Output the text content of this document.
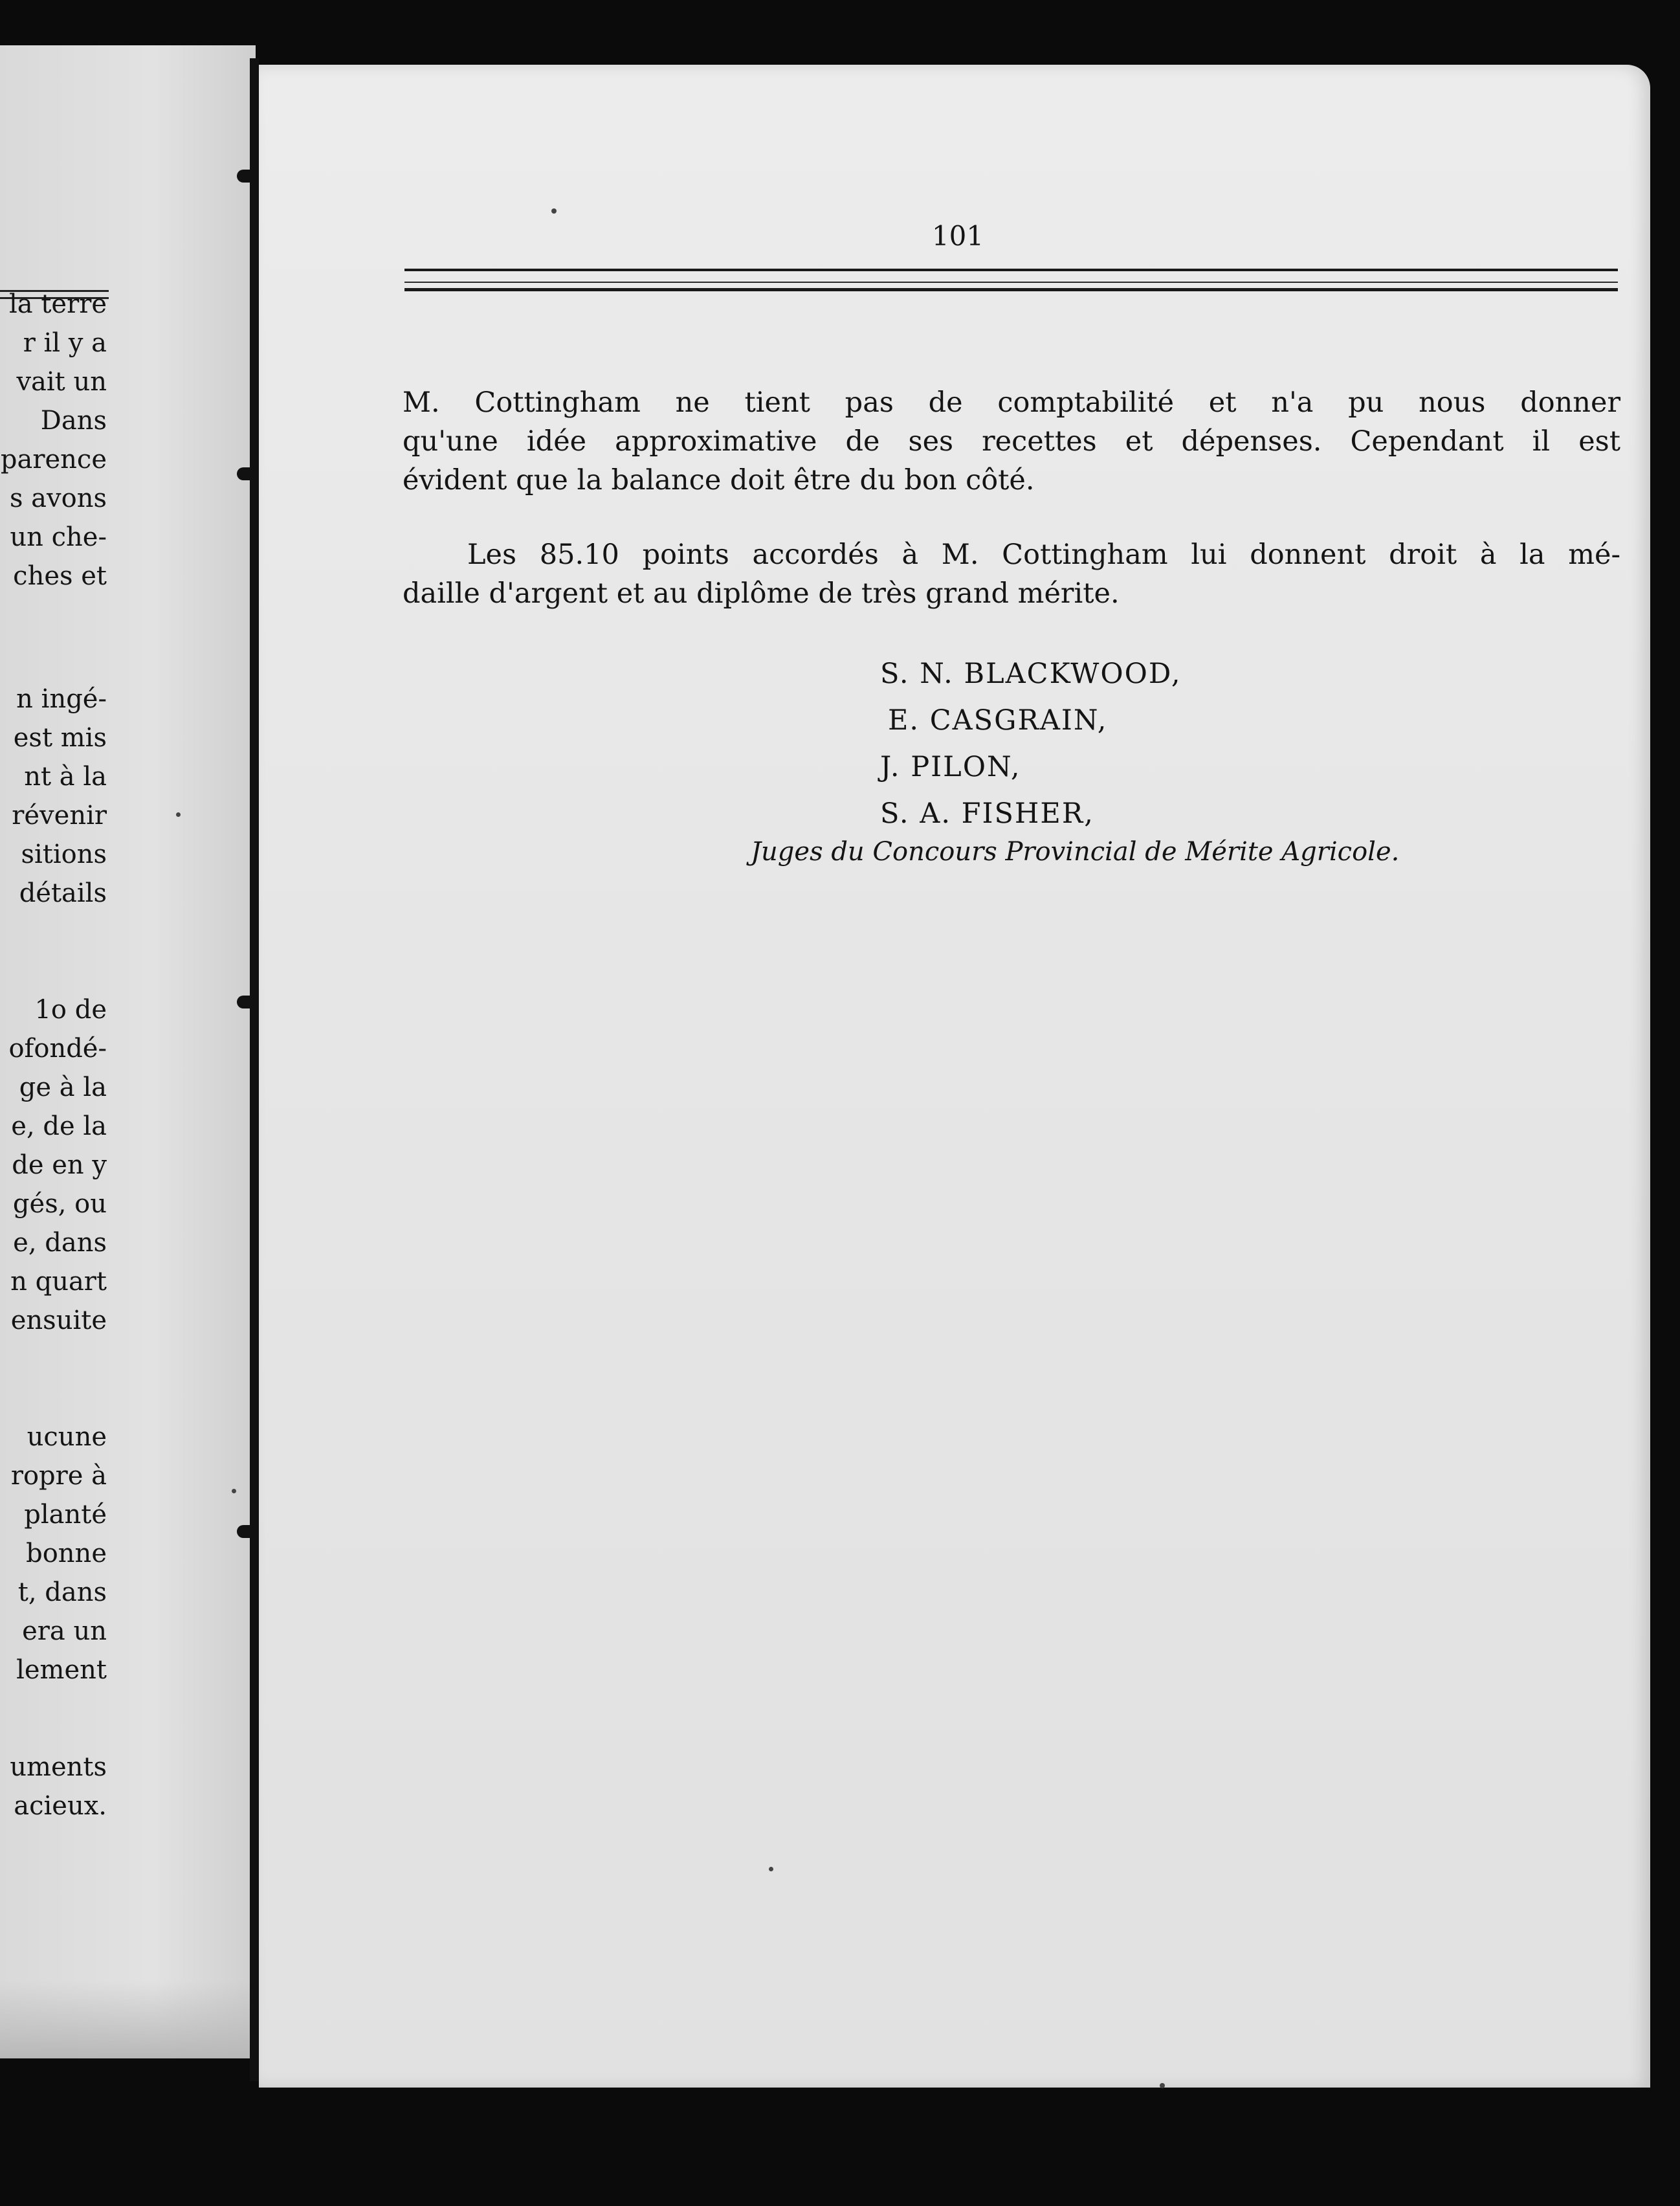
la terre
r il y a
vait un
Dans
parence
s avons
un che-
ches et
n ingé-
est mis
nt à la
révenir
sitions
détails
1o de
ofondé-
ge à la
e, de la
de en y
gés, ou
e, dans
n quart
ensuite
ucune
ropre à
planté
bonne
t, dans
era un
lement
uments
acieux.
101
M. Cottingham ne tient pas de comptabilité et n'a pu nous donner
qu'une idée approximative de ses recettes et dépenses. Cependant il est
évident que la balance doit être du bon côté.
Les 85.10 points accordés à M. Cottingham lui donnent droit à la mé-
daille d'argent et au diplôme de très grand mérite.
S. N. BLACKWOOD,
E. CASGRAIN,
J. PILON,
S. A. FISHER,
Juges du Concours Provincial de Mérite Agricole.
